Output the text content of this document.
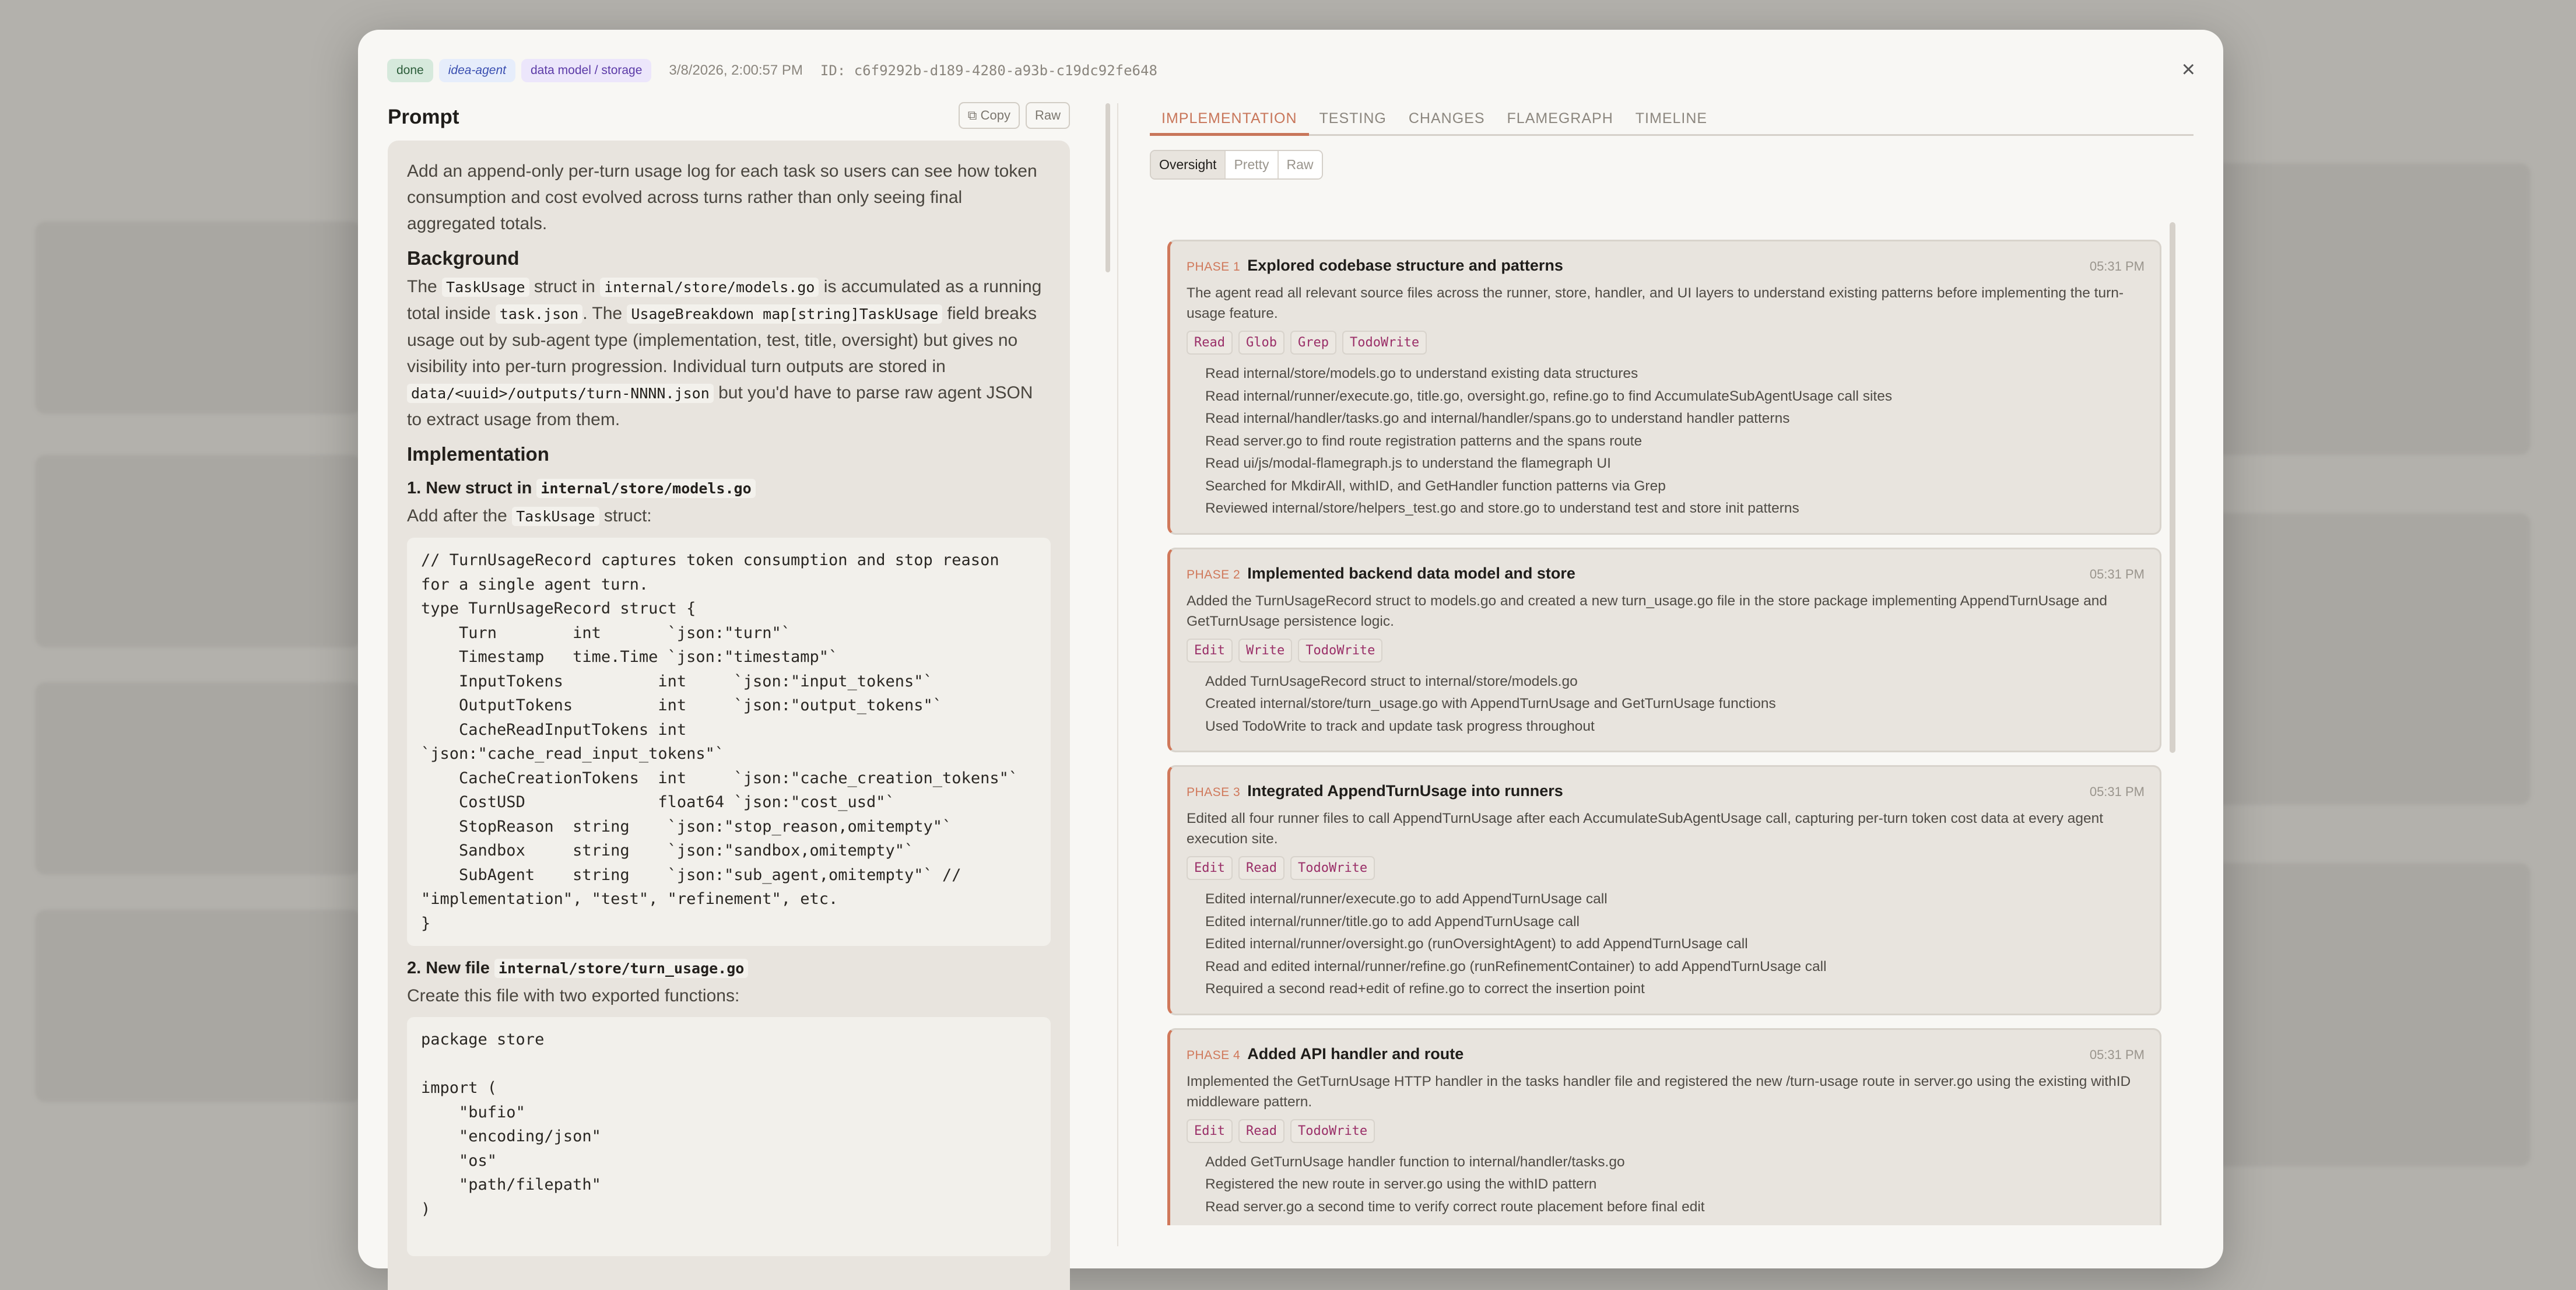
done	idea-agent	data model / storage	3/8/2026, 2:00:57 PM ID: c6f9292b-d189-4280-a93b-c19dc92fe648	×
Prompt	⧉ Copy	Raw

Add an append-only per-turn usage log for each task so users can see how token consumption and cost evolved across turns rather than only seeing final aggregated totals.

Background

The TaskUsage struct in internal/store/models.go is accumulated as a running total inside task.json . The UsageBreakdown map[string]TaskUsage field breaks usage out by sub-agent type (implementation, test, title, oversight) but gives no visibility into per-turn progression. Individual turn outputs are stored in data/<uuid>/outputs/turn-NNNN.json but you'd have to parse raw agent JSON to extract usage from them.

Implementation
1. New struct in internal/store/models.go

Add after the TaskUsage struct:

// TurnUsageRecord captures token consumption and stop reason for a single agent turn.
type TurnUsageRecord struct {
Turn        int       `json:"turn"`
Timestamp   time.Time `json:"timestamp"`
InputTokens          int     `json:"input_tokens"`
OutputTokens         int     `json:"output_tokens"`
CacheReadInputTokens int     `json:"cache_read_input_tokens"`
CacheCreationTokens  int     `json:"cache_creation_tokens"`
CostUSD              float64 `json:"cost_usd"`
StopReason  string    `json:"stop_reason,omitempty"`
Sandbox     string    `json:"sandbox,omitempty"`
SubAgent    string    `json:"sub_agent,omitempty"` // "implementation", "test", "refinement", etc.
}
2. New file internal/store/turn_usage.go

Create this file with two exported functions:

package store

import (
"bufio"
"encoding/json"
"os"
"path/filepath"
)

IMPLEMENTATION TESTING CHANGES FLAMEGRAPH TIMELINE
Oversight	Pretty	Raw
PHASE 1 Explored codebase structure and patterns	05:31 PM
The agent read all relevant source files across the runner, store, handler, and UI layers to understand existing patterns before implementing the turn-usage feature.
Read	Glob	Grep	TodoWrite
Read internal/store/models.go to understand existing data structures
Read internal/runner/execute.go, title.go, oversight.go, refine.go to find AccumulateSubAgentUsage call sites
Read internal/handler/tasks.go and internal/handler/spans.go to understand handler patterns
Read server.go to find route registration patterns and the spans route
Read ui/js/modal-flamegraph.js to understand the flamegraph UI
Searched for MkdirAll, withID, and GetHandler function patterns via Grep
Reviewed internal/store/helpers_test.go and store.go to understand test and store init patterns
PHASE 2 Implemented backend data model and store	05:31 PM
Added the TurnUsageRecord struct to models.go and created a new turn_usage.go file in the store package implementing AppendTurnUsage and GetTurnUsage persistence logic.
Edit	Write	TodoWrite
Added TurnUsageRecord struct to internal/store/models.go
Created internal/store/turn_usage.go with AppendTurnUsage and GetTurnUsage functions
Used TodoWrite to track and update task progress throughout
PHASE 3 Integrated AppendTurnUsage into runners	05:31 PM
Edited all four runner files to call AppendTurnUsage after each AccumulateSubAgentUsage call, capturing per-turn token cost data at every agent execution site.
Edit	Read	TodoWrite
Edited internal/runner/execute.go to add AppendTurnUsage call
Edited internal/runner/title.go to add AppendTurnUsage call
Edited internal/runner/oversight.go (runOversightAgent) to add AppendTurnUsage call
Read and edited internal/runner/refine.go (runRefinementContainer) to add AppendTurnUsage call
Required a second read+edit of refine.go to correct the insertion point
PHASE 4 Added API handler and route	05:31 PM
Implemented the GetTurnUsage HTTP handler in the tasks handler file and registered the new /turn-usage route in server.go using the existing withID middleware pattern.
Edit	Read	TodoWrite
Added GetTurnUsage handler function to internal/handler/tasks.go
Registered the new route in server.go using the withID pattern
Read server.go a second time to verify correct route placement before final edit
